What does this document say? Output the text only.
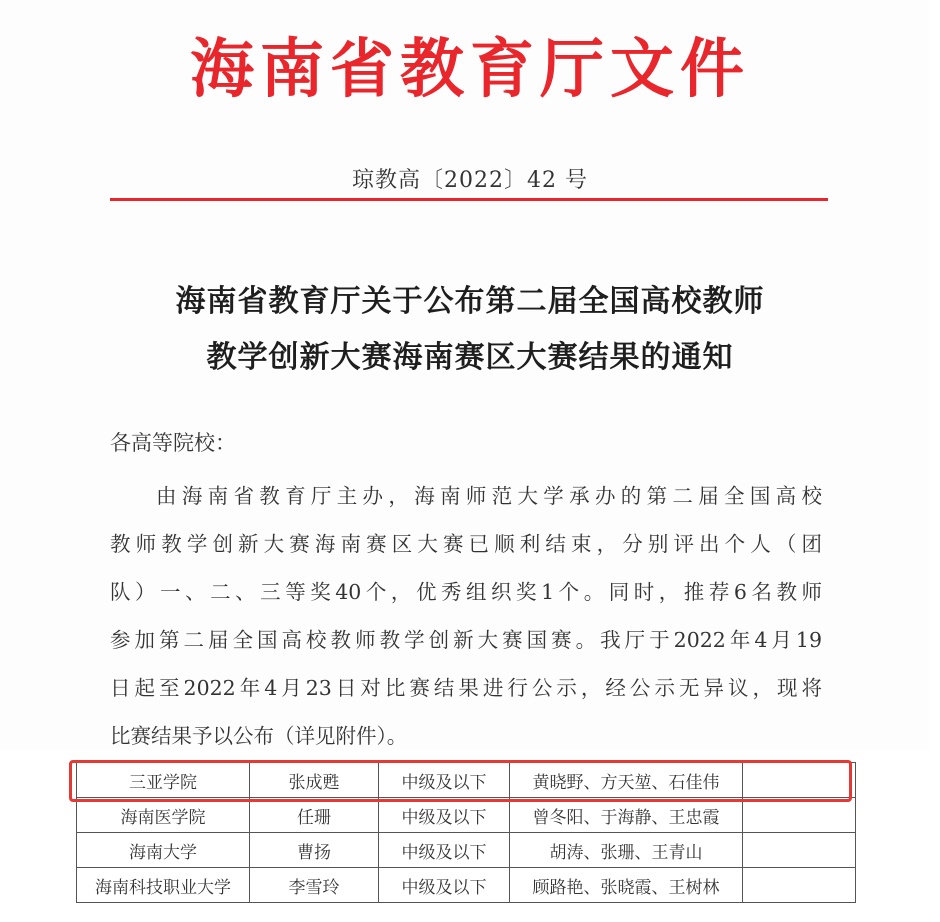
海南省教育厅文件
琼教高〔2022〕42 号
海南省教育厅关于公布第二届全国高校教师
教学创新大赛海南赛区大赛结果的通知
各高等院校：
由海南省教育厅主办，海南师范大学承办的第二届全国高校
教师教学创新大赛海南赛区大赛已顺利结束，分别评出个人（团
队）一、二、三等奖40个，优秀组织奖1个。同时，推荐6名教师
参加第二届全国高校教师教学创新大赛国赛。我厅于2022年4月19
日起至2022年4月23日对比赛结果进行公示，经公示无异议，现将
比赛结果予以公布（详见附件）。
三亚学院	张成甦	中级及以下	黄晓野、方天堃、石佳伟	
海南医学院	任珊	中级及以下	曾冬阳、于海静、王忠霞	
海南大学	曹扬	中级及以下	胡涛、张珊、王青山	
海南科技职业大学	李雪玲	中级及以下	顾路艳、张晓霞、王树林	
